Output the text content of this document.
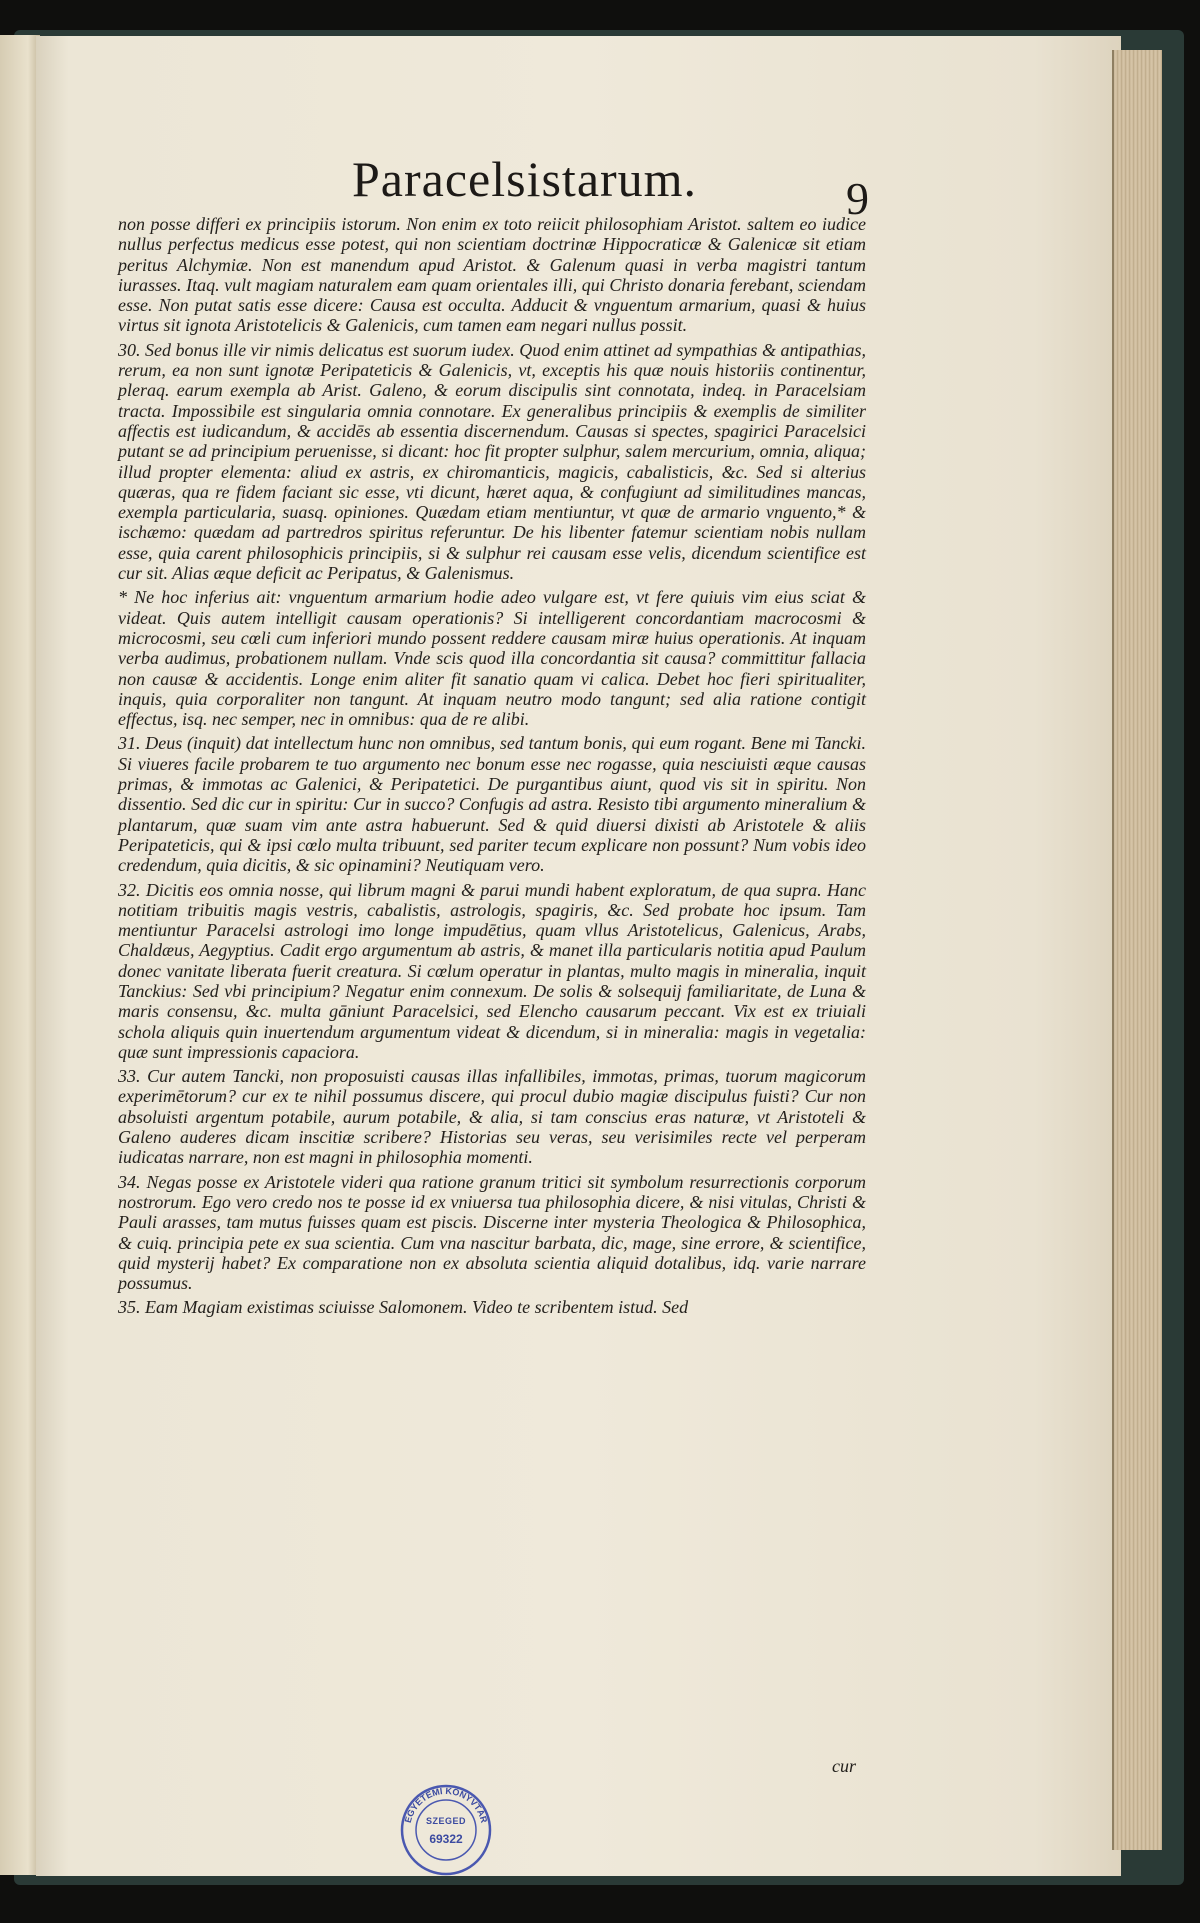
Paracelsistarum.	9

non posse differi ex principiis istorum. Non enim ex toto reiicit philosophiam Aristot. saltem eo iudice nullus perfectus medicus esse potest, qui non scientiam doctrinæ Hippocraticæ & Galenicæ sit etiam peritus Alchymiæ. Non est manendum apud Aristot. & Galenum quasi in verba magistri tantum iurasses. Itaq. vult magiam naturalem eam quam orientales illi, qui Christo donaria ferebant, sciendam esse. Non putat satis esse dicere: Causa est occulta. Adducit & vnguentum armarium, quasi & huius virtus sit ignota Aristotelicis & Galenicis, cum tamen eam negari nullus possit.

30. Sed bonus ille vir nimis delicatus est suorum iudex. Quod enim attinet ad sympathias & antipathias, rerum, ea non sunt ignotæ Peripateticis & Galenicis, vt, exceptis his quæ nouis historiis continentur, pleraq. earum exempla ab Arist. Galeno, & eorum discipulis sint connotata, indeq. in Paracelsiam tracta. Impossibile est singularia omnia connotare. Ex generalibus principiis & exemplis de similiter affectis est iudicandum, & accidēs ab essentia discernendum. Causas si spectes, spagirici Paracelsici putant se ad principium peruenisse, si dicant: hoc fit propter sulphur, salem mercurium, omnia, aliqua; illud propter elementa: aliud ex astris, ex chiromanticis, magicis, cabalisticis, &c. Sed si alterius quæras, qua re fidem faciant sic esse, vti dicunt, hæret aqua, & confugiunt ad similitudines mancas, exempla particularia, suasq. opiniones. Quædam etiam mentiuntur, vt quæ de armario vnguento,* & ischæmo: quædam ad partredros spiritus referuntur. De his libenter fatemur scientiam nobis nullam esse, quia carent philosophicis principiis, si & sulphur rei causam esse velis, dicendum scientifice est cur sit. Alias æque deficit ac Peripatus, & Galenismus.

* Ne hoc inferius ait: vnguentum armarium hodie adeo vulgare est, vt fere quiuis vim eius sciat & videat. Quis autem intelligit causam operationis? Si intelligerent concordantiam macrocosmi & microcosmi, seu cœli cum inferiori mundo possent reddere causam miræ huius operationis. At inquam verba audimus, probationem nullam. Vnde scis quod illa concordantia sit causa? committitur fallacia non causæ & accidentis. Longe enim aliter fit sanatio quam vi calica. Debet hoc fieri spiritualiter, inquis, quia corporaliter non tangunt. At inquam neutro modo tangunt; sed alia ratione contigit effectus, isq. nec semper, nec in omnibus: qua de re alibi.

31. Deus (inquit) dat intellectum hunc non omnibus, sed tantum bonis, qui eum rogant. Bene mi Tancki. Si viueres facile probarem te tuo argumento nec bonum esse nec rogasse, quia nesciuisti æque causas primas, & immotas ac Galenici, & Peripatetici. De purgantibus aiunt, quod vis sit in spiritu. Non dissentio. Sed dic cur in spiritu: Cur in succo? Confugis ad astra. Resisto tibi argumento mineralium & plantarum, quæ suam vim ante astra habuerunt. Sed & quid diuersi dixisti ab Aristotele & aliis Peripateticis, qui & ipsi cœlo multa tribuunt, sed pariter tecum explicare non possunt? Num vobis ideo credendum, quia dicitis, & sic opinamini? Neutiquam vero.

32. Dicitis eos omnia nosse, qui librum magni & parui mundi habent exploratum, de qua supra. Hanc notitiam tribuitis magis vestris, cabalistis, astrologis, spagiris, &c. Sed probate hoc ipsum. Tam mentiuntur Paracelsi astrologi imo longe impudētius, quam vllus Aristotelicus, Galenicus, Arabs, Chaldæus, Aegyptius. Cadit ergo argumentum ab astris, & manet illa particularis notitia apud Paulum donec vanitate liberata fuerit creatura. Si cœlum operatur in plantas, multo magis in mineralia, inquit Tanckius: Sed vbi principium? Negatur enim connexum. De solis & solsequij familiaritate, de Luna & maris consensu, &c. multa gāniunt Paracelsici, sed Elencho causarum peccant. Vix est ex triuiali schola aliquis quin inuertendum argumentum videat & dicendum, si in mineralia: magis in vegetalia: quæ sunt impressionis capaciora.

33. Cur autem Tancki, non proposuisti causas illas infallibiles, immotas, primas, tuorum magicorum experimētorum? cur ex te nihil possumus discere, qui procul dubio magiæ discipulus fuisti? Cur non absoluisti argentum potabile, aurum potabile, & alia, si tam conscius eras naturæ, vt Aristoteli & Galeno auderes dicam inscitiæ scribere? Historias seu veras, seu verisimiles recte vel perperam iudicatas narrare, non est magni in philosophia momenti.

34. Negas posse ex Aristotele videri qua ratione granum tritici sit symbolum resurrectionis corporum nostrorum. Ego vero credo nos te posse id ex vniuersa tua philosophia dicere, & nisi vitulas, Christi & Pauli arasses, tam mutus fuisses quam est piscis. Discerne inter mysteria Theologica & Philosophica, & cuiq. principia pete ex sua scientia. Cum vna nascitur barbata, dic, mage, sine errore, & scientifice, quid mysterij habet? Ex comparatione non ex absoluta scientia aliquid dotalibus, idq. varie narrare possumus.

35. Eam Magiam existimas sciuisse Salomonem. Video te scribentem istud. Sed

cur
EGYETEMI KÖNYVTÁR
SZEGED
69322
